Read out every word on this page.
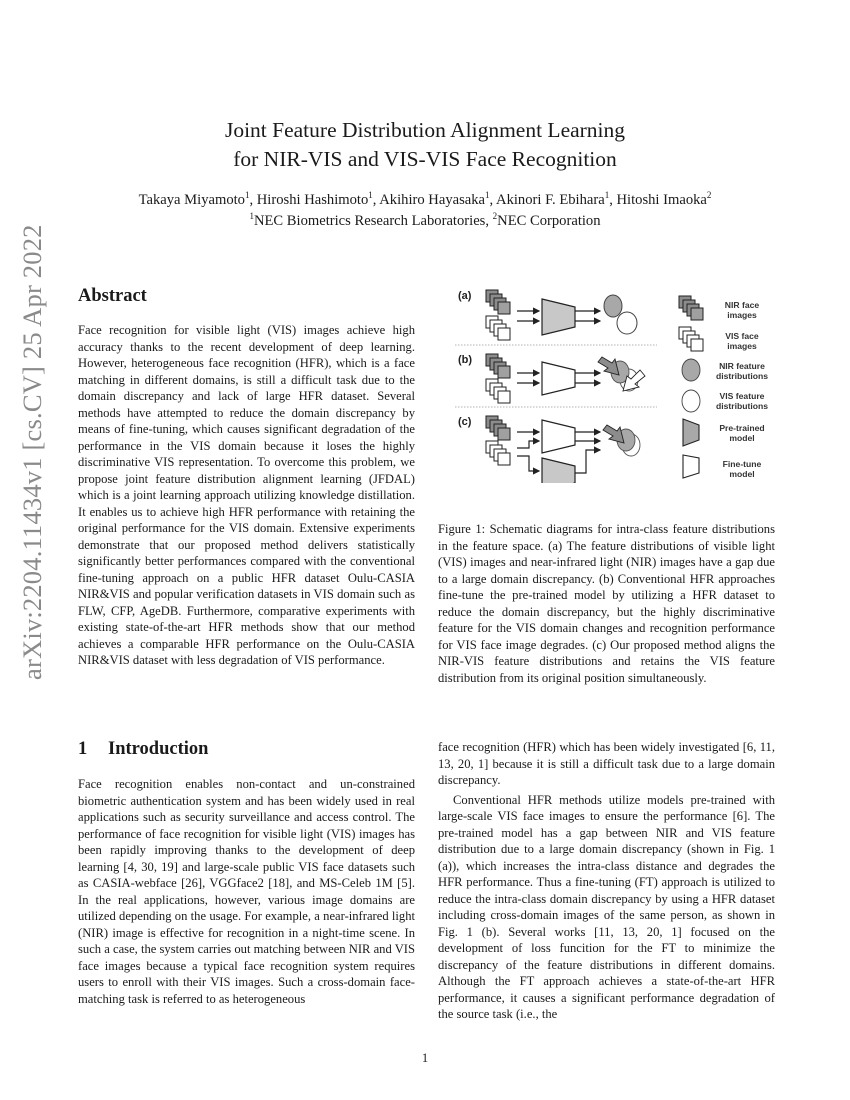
Joint Feature Distribution Alignment Learning
for NIR-VIS and VIS-VIS Face Recognition
Takaya Miyamoto$^1$, Hiroshi Hashimoto$^1$, Akihiro Hayasaka$^1$, Akinori F. Ebihara$^1$, Hitoshi Imaoka$^2$
$^1$NEC Biometrics Research Laboratories, $^2$NEC Corporation
arXiv:2204.11434v1 [cs.CV] 25 Apr 2022 Abstract

Face recognition for visible light (VIS) images achieve high accuracy thanks to the recent development of deep learning. However, heterogeneous face recognition (HFR), which is a face matching in different domains, is still a difficult task due to the domain discrepancy and lack of large HFR dataset. Several methods have attempted to reduce the domain discrepancy by means of fine-tuning, which causes significant degradation of the performance in the VIS domain because it loses the highly discriminative VIS representation. To overcome this problem, we propose joint feature distribution alignment learning (JFDAL) which is a joint learning approach utilizing knowledge distillation. It enables us to achieve high HFR performance with retaining the original performance for the VIS domain. Extensive experiments demonstrate that our proposed method delivers statistically significantly better performances compared with the conventional fine-tuning approach on a public HFR dataset Oulu-CASIA NIR&VIS and popular verification datasets in VIS domain such as FLW, CFP, AgeDB. Furthermore, comparative experiments with existing state-of-the-art HFR methods show that our method achieves a comparable HFR performance on the Oulu-CASIA NIR&VIS dataset with less degradation of VIS performance.

1 Introduction

Face recognition enables non-contact and un-constrained biometric authentication system and has been widely used in real applications such as security surveillance and access control. The performance of face recognition for visible light (VIS) images has been rapidly improving thanks to the development of deep learning [4, 30, 19] and large-scale public VIS face datasets such as CASIA-webface [26], VGGface2 [18], and MS-Celeb 1M [5]. In the real applications, however, various image domains are utilized depending on the usage. For example, a near-infrared light (NIR) image is effective for recognition in a night-time scene. In such a case, the system carries out matching between NIR and VIS face images because a typical face recognition system requires users to enroll with their VIS images. Such a cross-domain face-matching task is referred to as heterogeneous

(a)
(b)
(c)
NIR face
images
VIS face
images
NIR feature
distributions
VIS feature
distributions
Pre-trained
model
Fine-tune
model
Figure 1: Schematic diagrams for intra-class feature distributions in the feature space. (a) The feature distributions of visible light (VIS) images and near-infrared light (NIR) images have a gap due to a large domain discrepancy. (b) Conventional HFR approaches fine-tune the pre-trained model by utilizing a HFR dataset to reduce the domain discrepancy, but the highly discriminative feature for the VIS domain changes and recognition performance for VIS face image degrades. (c) Our proposed method aligns the NIR-VIS feature distributions and retains the VIS feature distribution from its original position simultaneously.

face recognition (HFR) which has been widely investigated [6, 11, 13, 20, 1] because it is still a difficult task due to a large domain discrepancy.

Conventional HFR methods utilize models pre-trained with large-scale VIS face images to ensure the performance [6]. The pre-trained model has a gap between NIR and VIS feature distribution due to a large domain discrepancy (shown in Fig. 1 (a)), which increases the intra-class distance and degrades the HFR performance. Thus a fine-tuning (FT) approach is utilized to reduce the intra-class domain discrepancy by using a HFR dataset including cross-domain images of the same person, as shown in Fig. 1 (b). Several works [11, 13, 20, 1] focused on the development of loss funcition for the FT to minimize the discrepancy of the feature distributions in different domains. Although the FT approach achieves a state-of-the-art HFR performance, it causes a significant performance degradation of the source task (i.e., the

1
